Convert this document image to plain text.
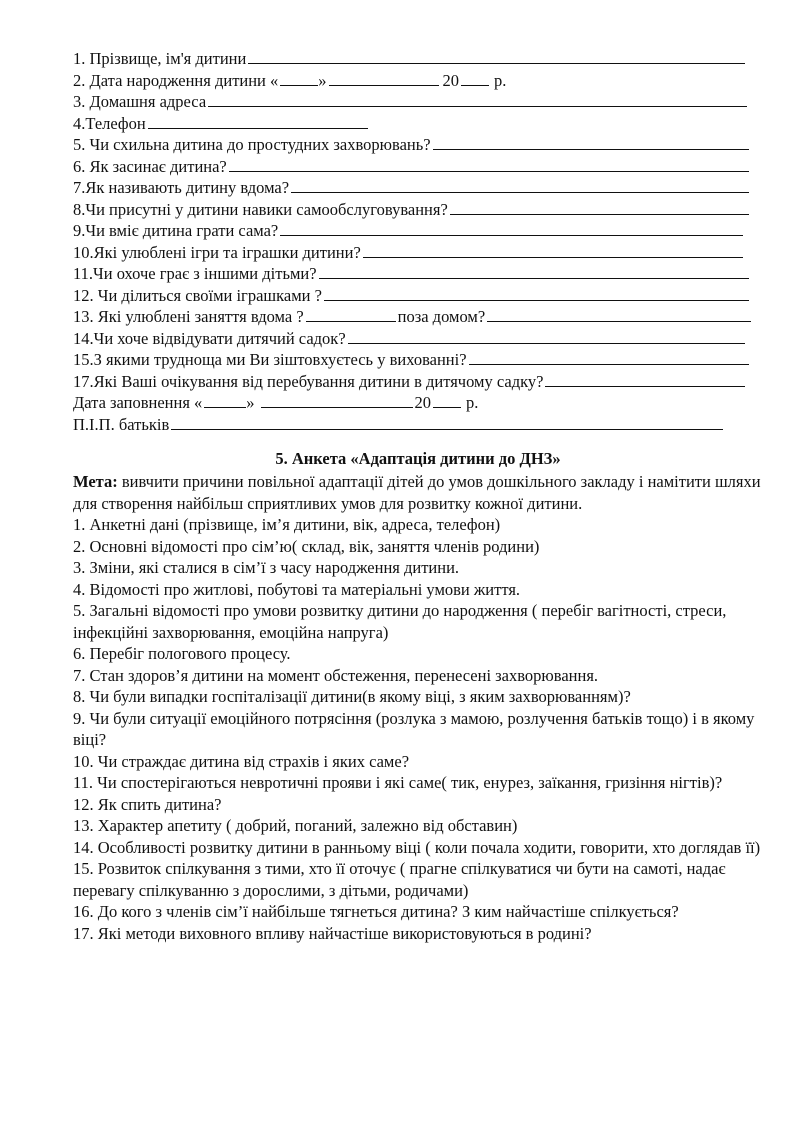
1. Прізвище, ім'я дитини
2. Дата народження дитини « »	20 р.
3. Домашня адреса
4.Телефон
5. Чи схильна дитина до простудних захворювань?
6. Як засинає дитина?
7.Як називають дитину вдома?
8.Чи присутні у дитини навики самообслуговування?
9.Чи вміє дитина грати сама?
10.Які улюблені ігри та іграшки дитини?
11.Чи охоче грає з іншими дітьми?
12. Чи ділиться своїми іграшками ?
13. Які улюблені заняття вдома ?	поза домом?
14.Чи хоче відвідувати дитячий садок?
15.З якими трудноща ми Ви зіштовхуєтесь у вихованні?
17.Які Ваші очікування від перебування дитини в дитячому садку?
Дата заповнення «	»	20 р.
П.І.П. батьків
5. Анкета «Адаптація дитини до ДНЗ»
Мета: вивчити причини повільної адаптації дітей до умов дошкільного закладу і намітити шляхи для створення найбільш сприятливих умов для розвитку кожної дитини.
1. Анкетні дані (прізвище, ім’я дитини, вік, адреса, телефон)
2. Основні відомості про сім’ю( склад, вік, заняття членів родини)
3. Зміни, які сталися в сім’ї з часу народження дитини.
4. Відомості про житлові, побутові та матеріальні умови життя.
5. Загальні відомості про умови розвитку дитини до народження ( перебіг вагітності, стреси, інфекційні захворювання, емоційна напруга)
6. Перебіг пологового процесу.
7. Стан здоров’я дитини на момент обстеження, перенесені захворювання.
8. Чи були випадки госпіталізації дитини(в якому віці, з яким захворюванням)?
9. Чи були ситуації емоційного потрясіння (розлука з мамою, розлучення батьків тощо) і в якому віці?
10. Чи страждає дитина від страхів і яких саме?
11. Чи спостерігаються невротичні прояви і які саме( тик, енурез, заїкання, гризіння нігтів)?
12. Як спить дитина?
13. Характер апетиту ( добрий, поганий, залежно від обставин)
14. Особливості розвитку дитини в ранньому віці ( коли почала ходити, говорити, хто доглядав її)
15. Розвиток спілкування з тими, хто її оточує ( прагне спілкуватися чи бути на самоті, надає перевагу спілкуванню з дорослими, з дітьми, родичами)
16. До кого з членів сім’ї найбільше тягнеться дитина? З ким найчастіше спілкується?
17. Які методи виховного впливу найчастіше використовуються в родині?
